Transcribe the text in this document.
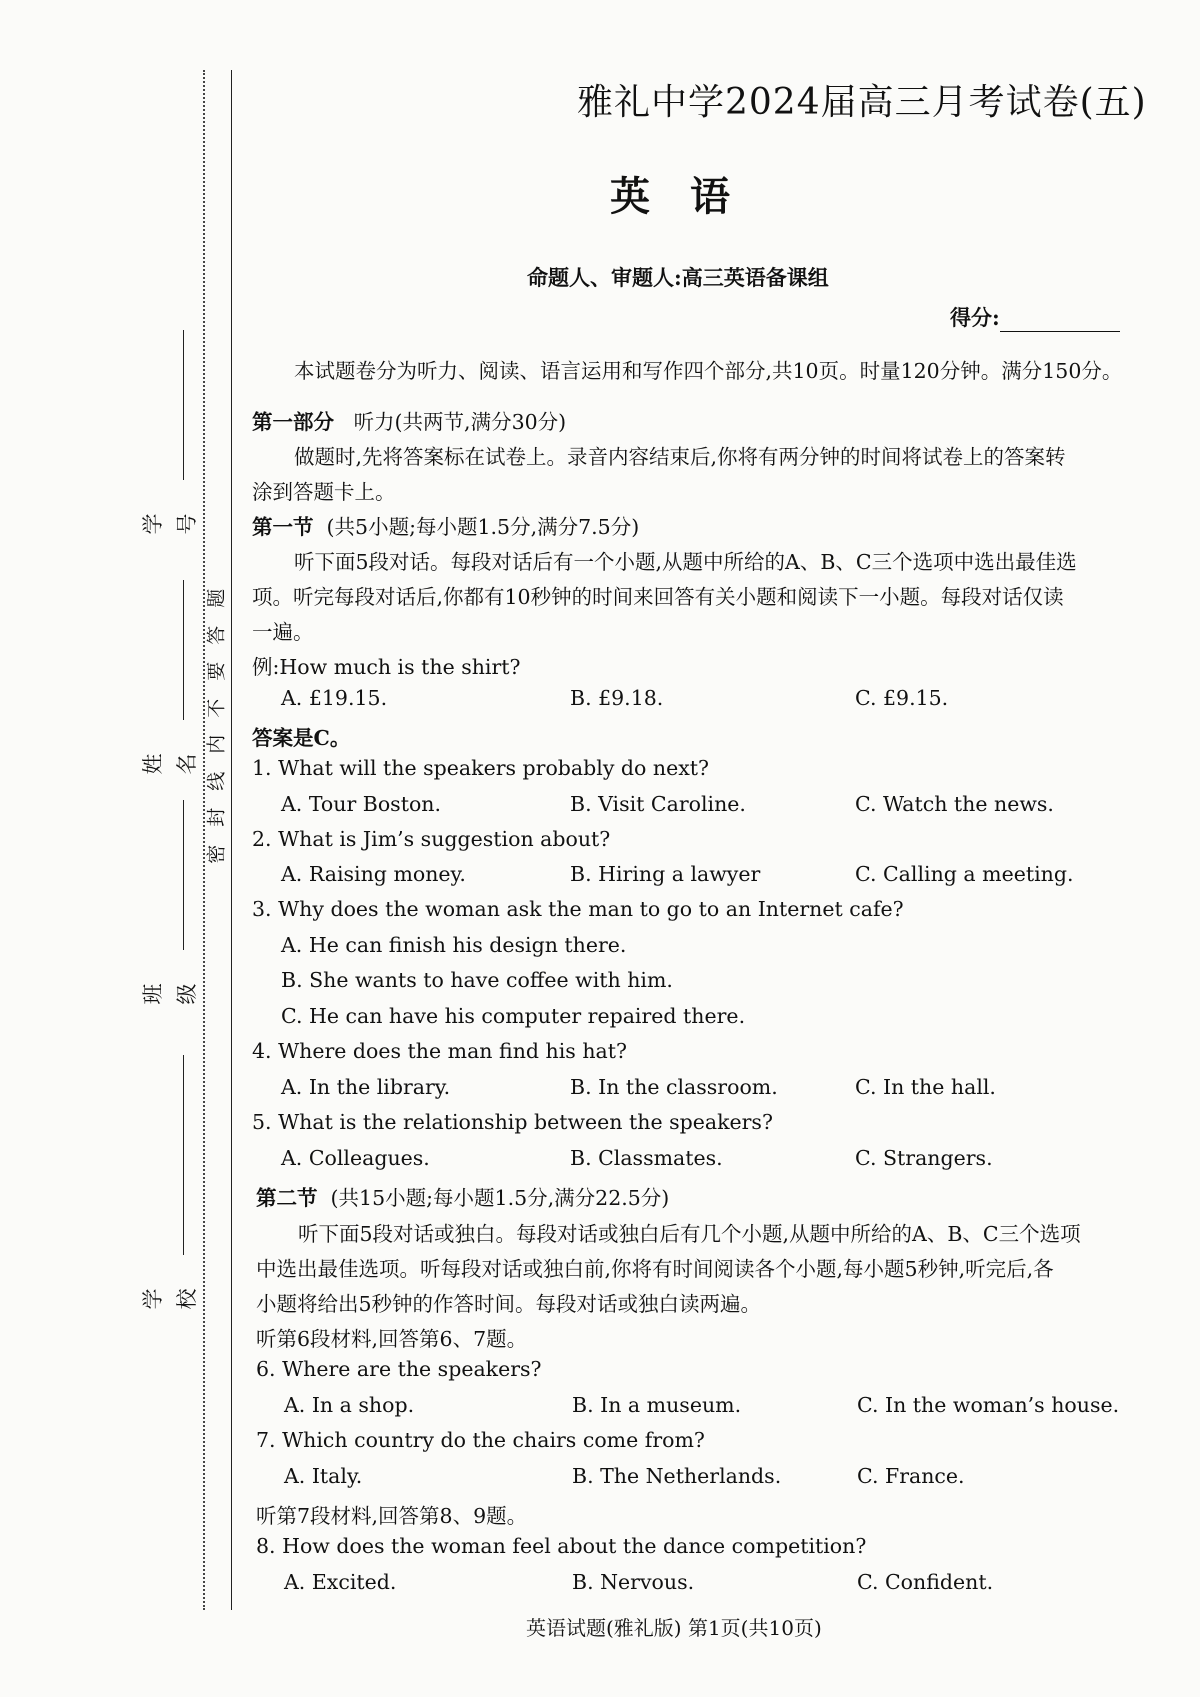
学号
姓名
班级
学校
题
答
要
不
内
线
封
密
雅礼中学2024届高三月考试卷(五)
英语
命题人、审题人:高三英语备课组
得分:
本试题卷分为听力、阅读、语言运用和写作四个部分,共10页。时量120分钟。满分150分。
第一部分 听力(共两节,满分30分)
做题时,先将答案标在试卷上。录音内容结束后,你将有两分钟的时间将试卷上的答案转
涂到答题卡上。
第一节 (共5小题;每小题1.5分,满分7.5分)
听下面5段对话。每段对话后有一个小题,从题中所给的A、B、C三个选项中选出最佳选
项。听完每段对话后,你都有10秒钟的时间来回答有关小题和阅读下一小题。每段对话仅读
一遍。
例:How much is the shirt?
A. £19.15.	B. £9.18.	C. £9.15.
答案是C。
1. What will the speakers probably do next?
A. Tour Boston.	B. Visit Caroline.	C. Watch the news.
2. What is Jim’s suggestion about?
A. Raising money.	B. Hiring a lawyer	C. Calling a meeting.
3. Why does the woman ask the man to go to an Internet cafe?
A. He can finish his design there.
B. She wants to have coffee with him.
C. He can have his computer repaired there.
4. Where does the man find his hat?
A. In the library.	B. In the classroom.	C. In the hall.
5. What is the relationship between the speakers?
A. Colleagues.	B. Classmates.	C. Strangers.
第二节 (共15小题;每小题1.5分,满分22.5分)
听下面5段对话或独白。每段对话或独白后有几个小题,从题中所给的A、B、C三个选项
中选出最佳选项。听每段对话或独白前,你将有时间阅读各个小题,每小题5秒钟,听完后,各
小题将给出5秒钟的作答时间。每段对话或独白读两遍。
听第6段材料,回答第6、7题。
6. Where are the speakers?
A. In a shop.	B. In a museum.	C. In the woman’s house.
7. Which country do the chairs come from?
A. Italy.	B. The Netherlands.	C. France.
听第7段材料,回答第8、9题。
8. How does the woman feel about the dance competition?
A. Excited.	B. Nervous.	C. Confident.
英语试题(雅礼版) 第1页(共10页)
